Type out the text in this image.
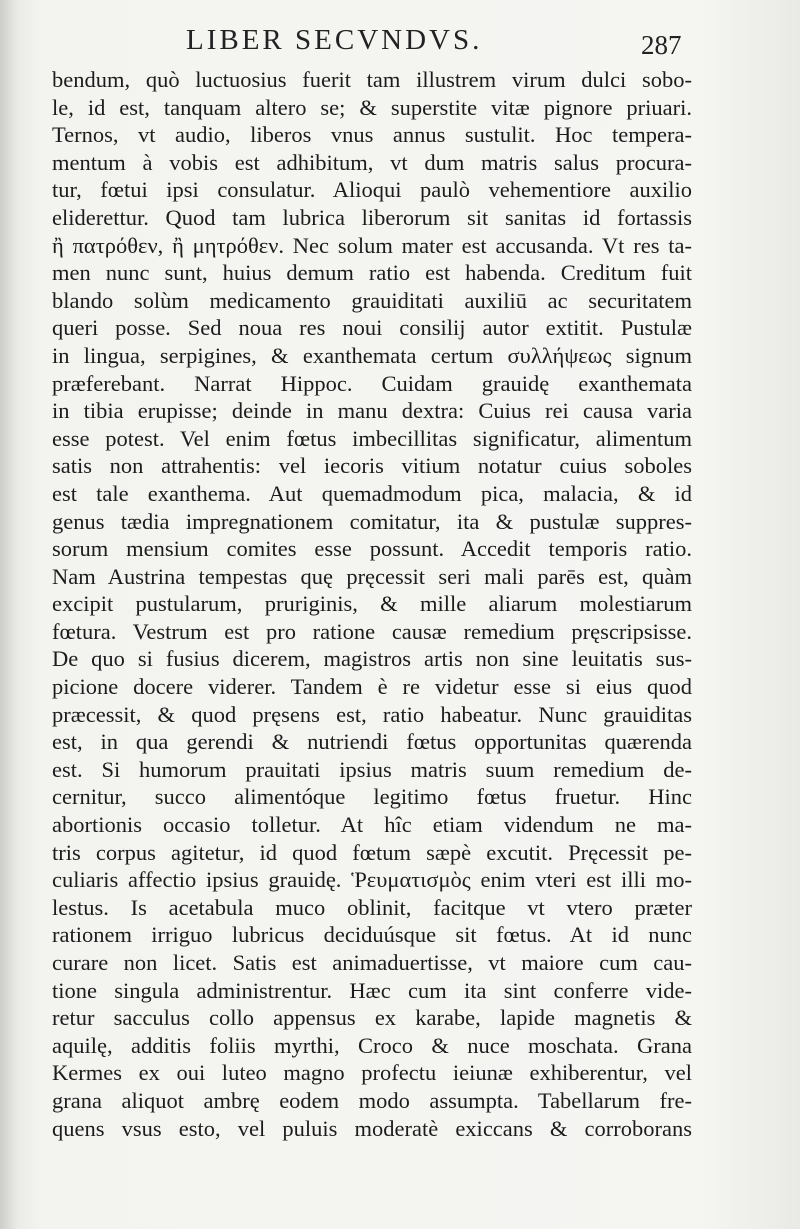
LIBER SECVNDVS.	287
bendum, quò luctuosius fuerit tam illustrem virum dulci sobo-
le, id est, tanquam altero se; & superstite vitæ pignore priuari.
Ternos, vt audio, liberos vnus annus sustulit. Hoc tempera-
mentum à vobis est adhibitum, vt dum matris salus procura-
tur, fœtui ipsi consulatur. Alioqui paulò vehementiore auxilio
eliderettur. Quod tam lubrica liberorum sit sanitas id fortassis
ἢ πατρόθεν, ἢ μητρόθεν. Nec solum mater est accusanda. Vt res ta-
men nunc sunt, huius demum ratio est habenda. Creditum fuit
blando solùm medicamento grauiditati auxiliū ac securitatem
queri posse. Sed noua res noui consilij autor extitit. Pustulæ
in lingua, serpigines, & exanthemata certum συλλήψεως signum
præferebant. Narrat Hippoc. Cuidam grauidę exanthemata
in tibia erupisse; deinde in manu dextra: Cuius rei causa varia
esse potest. Vel enim fœtus imbecillitas significatur, alimentum
satis non attrahentis: vel iecoris vitium notatur cuius soboles
est tale exanthema. Aut quemadmodum pica, malacia, & id
genus tædia impregnationem comitatur, ita & pustulæ suppres-
sorum mensium comites esse possunt. Accedit temporis ratio.
Nam Austrina tempestas quę pręcessit seri mali parēs est, quàm
excipit pustularum, pruriginis, & mille aliarum molestiarum
fœtura. Vestrum est pro ratione causæ remedium pręscripsisse.
De quo si fusius dicerem, magistros artis non sine leuitatis sus-
picione docere viderer. Tandem è re videtur esse si eius quod
præcessit, & quod pręsens est, ratio habeatur. Nunc grauiditas
est, in qua gerendi & nutriendi fœtus opportunitas quærenda
est. Si humorum prauitati ipsius matris suum remedium de-
cernitur, succo alimentóque legitimo fœtus fruetur. Hinc
abortionis occasio tolletur. At hîc etiam videndum ne ma-
tris corpus agitetur, id quod fœtum sæpè excutit. Pręcessit pe-
culiaris affectio ipsius grauidę. Ῥευματισμὸς enim vteri est illi mo-
lestus. Is acetabula muco oblinit, facitque vt vtero præter
rationem irriguo lubricus deciduúsque sit fœtus. At id nunc
curare non licet. Satis est animaduertisse, vt maiore cum cau-
tione singula administrentur. Hæc cum ita sint conferre vide-
retur sacculus collo appensus ex karabe, lapide magnetis &
aquilę, additis foliis myrthi, Croco & nuce moschata. Grana
Kermes ex oui luteo magno profectu ieiunæ exhiberentur, vel
grana aliquot ambrę eodem modo assumpta. Tabellarum fre-
quens vsus esto, vel puluis moderatè exiccans & corroborans
